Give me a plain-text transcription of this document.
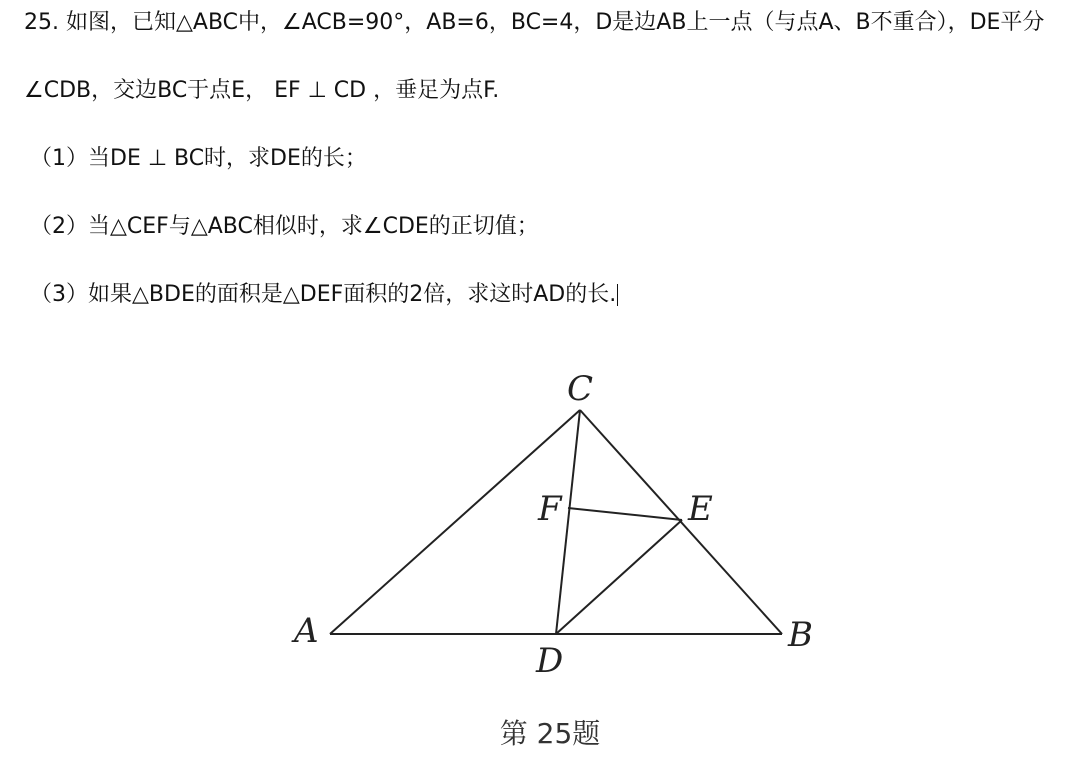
25. 如图，已知△ABC中，∠ACB=90°，AB=6，BC=4，D是边AB上一点（与点A、B不重合），DE平分
∠CDB，交边BC于点E， EF ⊥ CD ，垂足为点F.
（1）当DE ⊥ BC时，求DE的长；
（2）当△CEF与△ABC相似时，求∠CDE的正切值；
（3）如果△BDE的面积是△DEF面积的2倍，求这时AD的长.
C
F	E
A	B
D
第 25题
